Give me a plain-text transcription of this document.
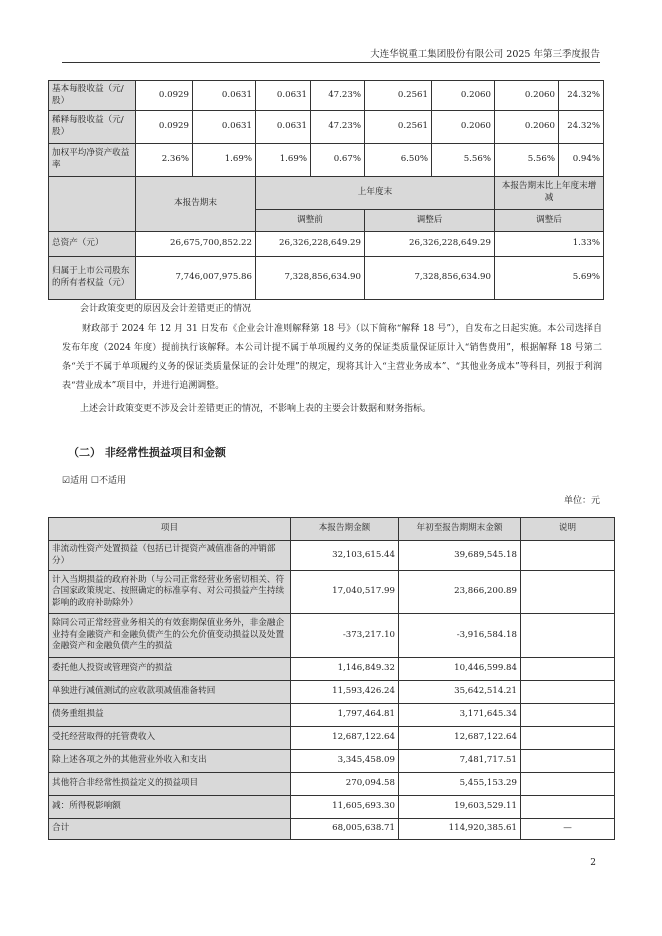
大连华锐重工集团股份有限公司 2025 年第三季度报告
基本每股收益（元/股）	0.0929	0.0631	0.0631	47.23%	0.2561	0.2060	0.2060	24.32%
稀释每股收益（元/股）	0.0929	0.0631	0.0631	47.23%	0.2561	0.2060	0.2060	24.32%
加权平均净资产收益率	2.36%	1.69%	1.69%	0.67%	6.50%	5.56%	5.56%	0.94%
	本报告期末		上年度末				本报告期末比上年度末增减	
			调整前		调整后		调整后	
总资产（元）	26,675,700,852.22		26,326,228,649.29		26,326,228,649.29		1.33%	
归属于上市公司股东的所有者权益（元）	7,746,007,975.86		7,328,856,634.90		7,328,856,634.90		5.69%	

会计政策变更的原因及会计差错更正的情况

财政部于 2024 年 12 月 31 日发布《企业会计准则解释第 18 号》（以下简称“解释 18 号”），自发布之日起实施。本公司选择自发布年度（2024 年度）提前执行该解释。本公司计提不属于单项履约义务的保证类质量保证原计入“销售费用”，根据解释 18 号第二条“关于不属于单项履约义务的保证类质量保证的会计处理”的规定，现将其计入“主营业务成本”、“其他业务成本”等科目，列报于利润表“营业成本”项目中，并进行追溯调整。

上述会计政策变更不涉及会计差错更正的情况，不影响上表的主要会计数据和财务指标。

（二） 非经常性损益项目和金额

☑适用 ☐不适用

单位：元

项目	本报告期金额	年初至报告期期末金额	说明
非流动性资产处置损益（包括已计提资产减值准备的冲销部分）	32,103,615.44	39,689,545.18	
计入当期损益的政府补助（与公司正常经营业务密切相关、符合国家政策规定、按照确定的标准享有、对公司损益产生持续影响的政府补助除外）	17,040,517.99	23,866,200.89	
除同公司正常经营业务相关的有效套期保值业务外，非金融企业持有金融资产和金融负债产生的公允价值变动损益以及处置金融资产和金融负债产生的损益	-373,217.10	-3,916,584.18	
委托他人投资或管理资产的损益	1,146,849.32	10,446,599.84	
单独进行减值测试的应收款项减值准备转回	11,593,426.24	35,642,514.21	
债务重组损益	1,797,464.81	3,171,645.34	
受托经营取得的托管费收入	12,687,122.64	12,687,122.64	
除上述各项之外的其他营业外收入和支出	3,345,458.09	7,481,717.51	
其他符合非经常性损益定义的损益项目	270,094.58	5,455,153.29	
减：所得税影响额	11,605,693.30	19,603,529.11	
合计	68,005,638.71	114,920,385.61	—
2
